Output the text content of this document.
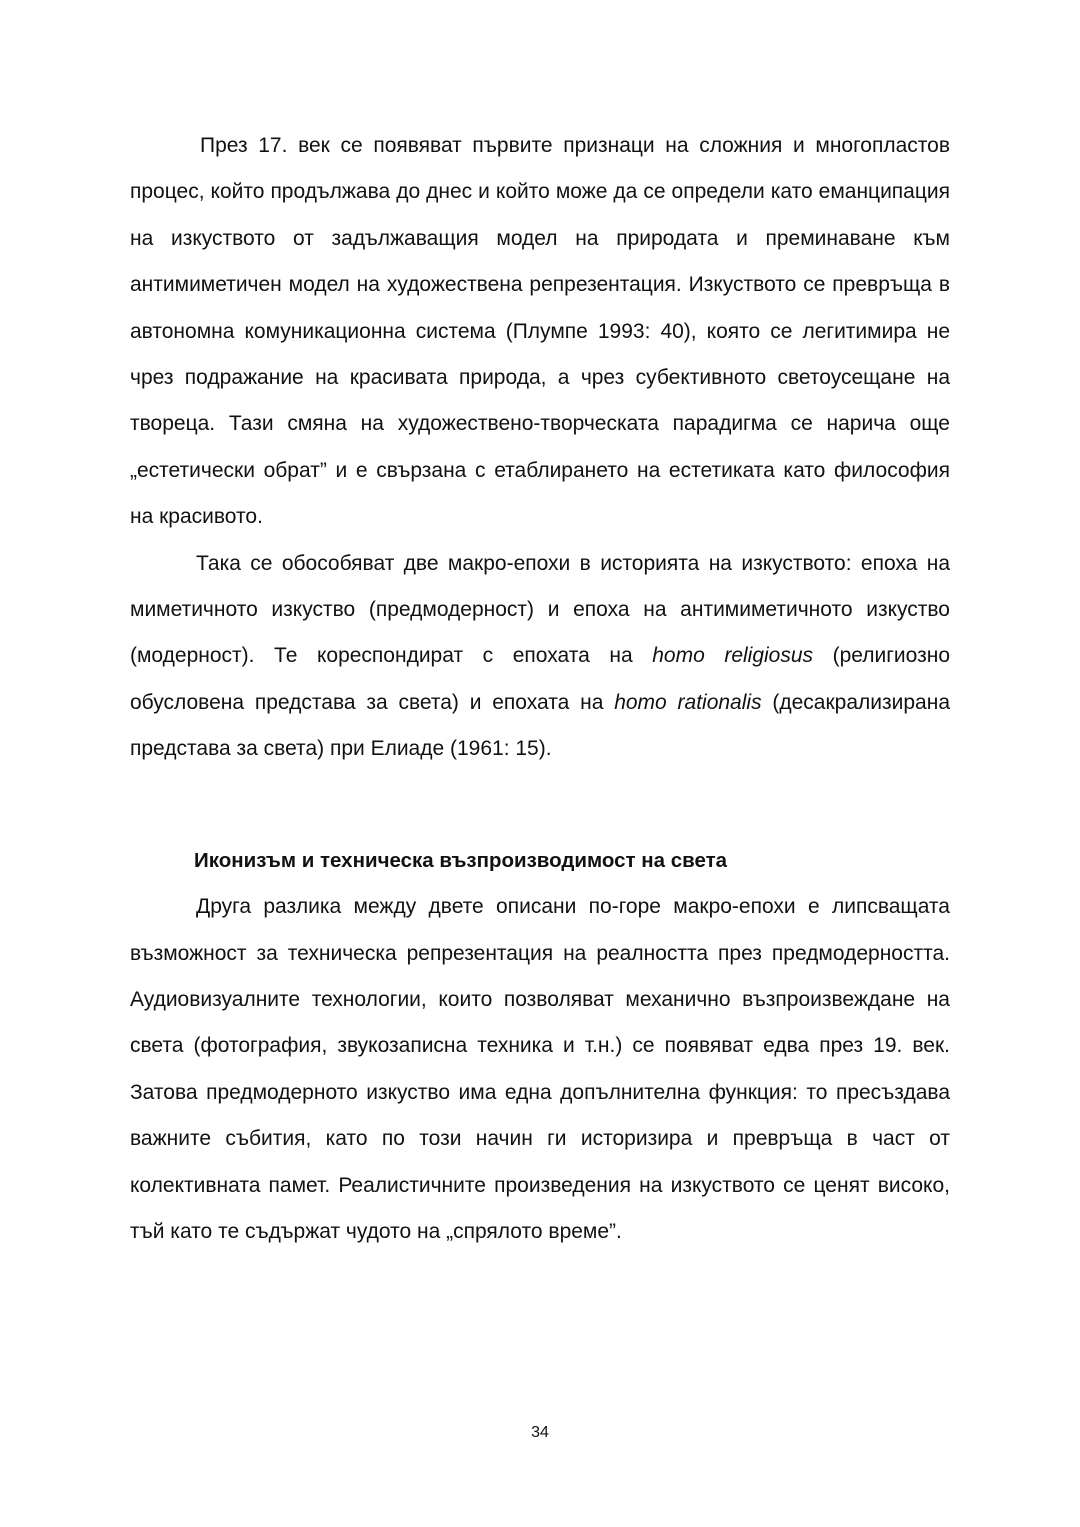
През 17. век се появяват първите признаци на сложния и многопластов процес, който продължава до днес и който може да се определи като еманципация на изкуството от задължаващия модел на природата и преминаване към антимиметичен модел на художествена репрезентация. Изкуството се превръща в автономна комуникационна система (Плумпе 1993: 40), която се легитимира не чрез подражание на красивата природа, а чрез субективното светоусещане на твореца. Тази смяна на художествено-творческата парадигма се нарича още „естетически обрат” и е свързана с етаблирането на естетиката като философия на красивото.

Така се обособяват две макро-епохи в историята на изкуството: епоха на миметичното изкуство (предмодерност) и епоха на антимиметичното изкуство (модерност). Те кореспондират с епохата на homo religiosus (религиозно обусловена представа за света) и епохата на homo rationalis (десакрализирана представа за света) при Елиаде (1961: 15).

Иконизъм и техническа възпроизводимост на света

Друга разлика между двете описани по-горе макро-епохи е липсващата възможност за техническа репрезентация на реалността през предмодерността. Аудиовизуалните технологии, които позволяват механично възпроизвеждане на света (фотография, звукозаписна техника и т.н.) се появяват едва през 19. век. Затова предмодерното изкуство има една допълнителна функция: то пресъздава важните събития, като по този начин ги историзира и превръща в част от колективната памет. Реалистичните произведения на изкуството се ценят високо, тъй като те съдържат чудото на „спрялото време”.

34
